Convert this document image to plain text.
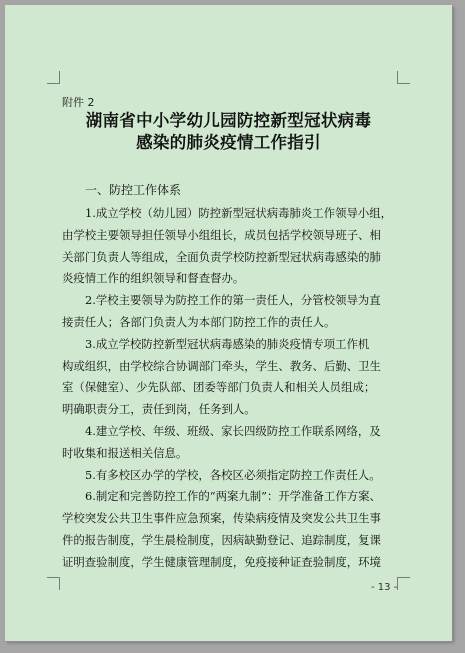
附件 2
湖南省中小学幼儿园防控新型冠状病毒
感染的肺炎疫情工作指引
一、防控工作体系
1.成立学校（幼儿园）防控新型冠状病毒肺炎工作领导小组，
由学校主要领导担任领导小组组长，成员包括学校领导班子、相
关部门负责人等组成，全面负责学校防控新型冠状病毒感染的肺
炎疫情工作的组织领导和督查督办。
2.学校主要领导为防控工作的第一责任人，分管校领导为直
接责任人；各部门负责人为本部门防控工作的责任人。
3.成立学校防控新型冠状病毒感染的肺炎疫情专项工作机
构或组织，由学校综合协调部门牵头，学生、教务、后勤、卫生
室（保健室）、少先队部、团委等部门负责人和相关人员组成；
明确职责分工，责任到岗，任务到人。
4.建立学校、年级、班级、家长四级防控工作联系网络，及
时收集和报送相关信息。
5.有多校区办学的学校，各校区必须指定防控工作责任人。
6.制定和完善防控工作的“两案九制”：开学准备工作方案、
学校突发公共卫生事件应急预案，传染病疫情及突发公共卫生事
件的报告制度，学生晨检制度，因病缺勤登记、追踪制度，复课
证明查验制度，学生健康管理制度，免疫接种证查验制度，环境
- 13 -
